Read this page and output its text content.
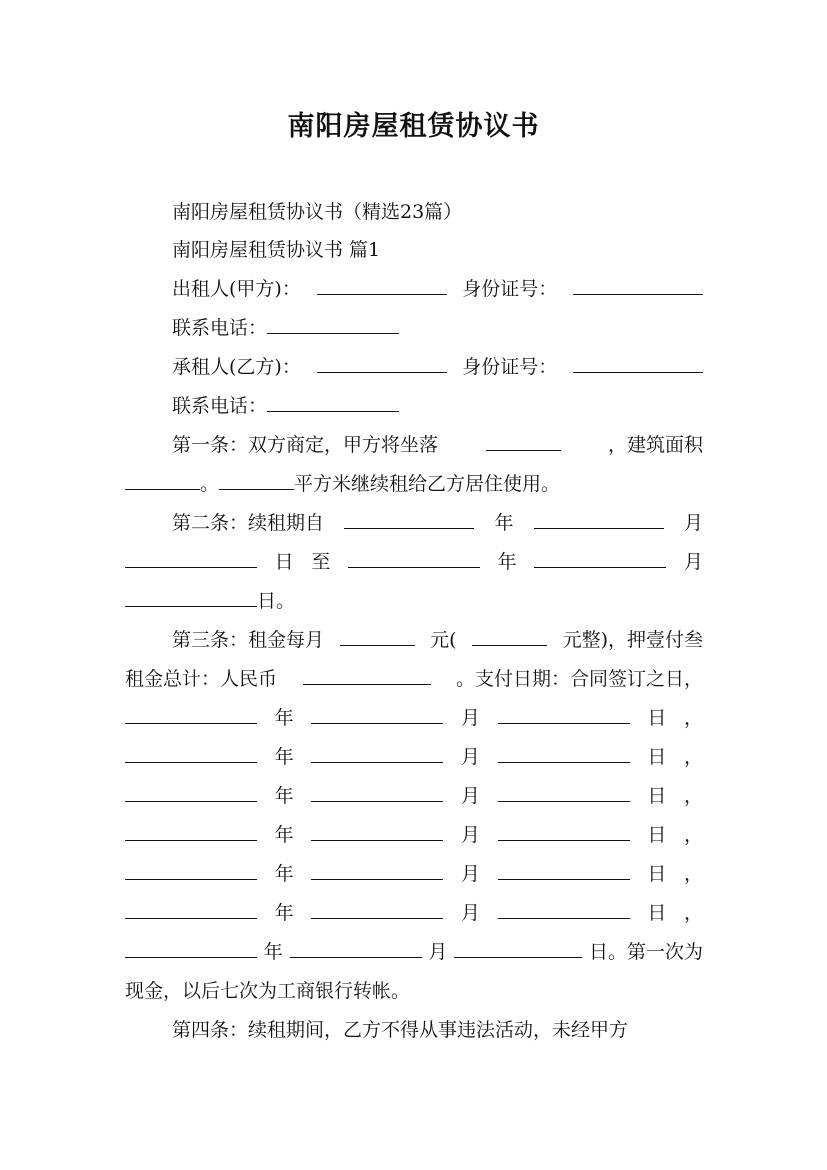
南阳房屋租赁协议书
南阳房屋租赁协议书（精选23篇）
南阳房屋租赁协议书 篇1
出租人(甲方)：	身份证号：
联系电话：
承租人(乙方)：	身份证号：
联系电话：
第一条：双方商定，甲方将坐落	，建筑面积
。	平方米继续租给乙方居住使用。
第二条：续租期自	年	月
日 至	年	月
日。
第三条：租金每月	元(	元整)，押壹付叁
租金总计：人民币	。支付日期：合同签订之日，
年	月	日 ，
年	月	日 ，
年	月	日 ，
年	月	日 ，
年	月	日 ，
年	月	日 ，
年	月	日。第一次为
现金，以后七次为工商银行转帐。
第四条：续租期间，乙方不得从事违法活动，未经甲方
